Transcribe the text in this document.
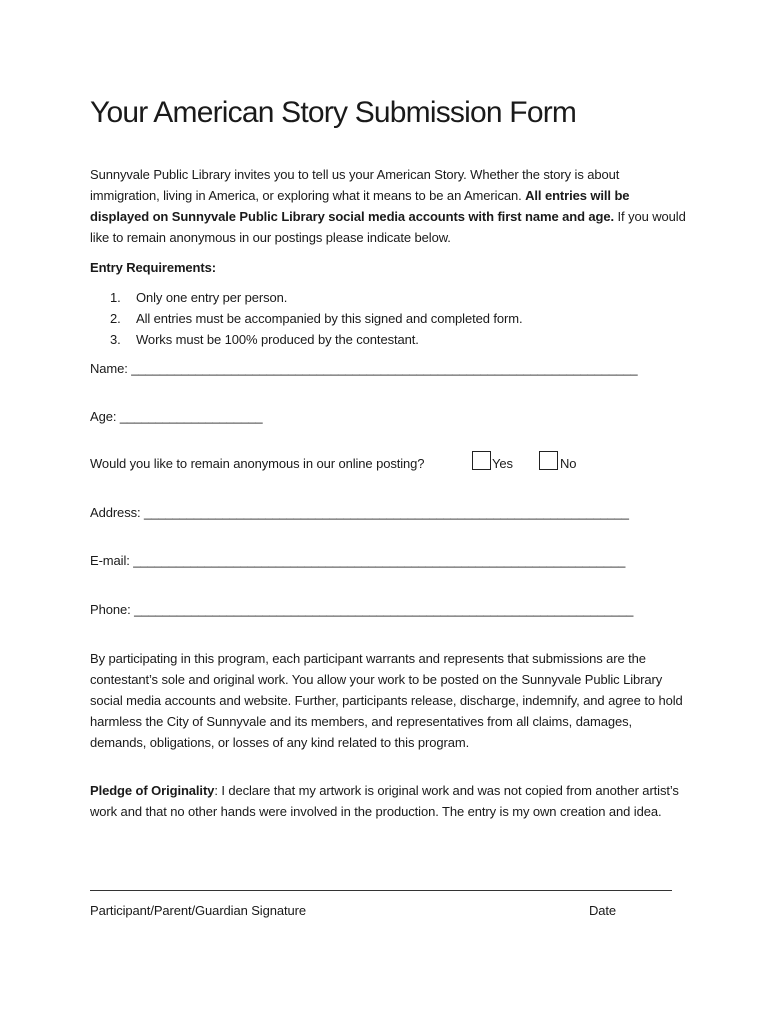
Your American Story Submission Form

Sunnyvale Public Library invites you to tell us your American Story. Whether the story is about immigration, living in America, or exploring what it means to be an American. All entries will be displayed on Sunnyvale Public Library social media accounts with first name and age. If you would like to remain anonymous in our postings please indicate below.

Entry Requirements:

1.	Only one entry per person.
2.	All entries must be accompanied by this signed and completed form.
3.	Works must be 100% produced by the contestant.

Name: _______________________________________________________________________

Age: ____________________

Would you like to remain anonymous in our online posting?	Yes	No

Address: ____________________________________________________________________

E-mail: _____________________________________________________________________

Phone: ______________________________________________________________________

By participating in this program, each participant warrants and represents that submissions are the contestant’s sole and original work. You allow your work to be posted on the Sunnyvale Public Library social media accounts and website. Further, participants release, discharge, indemnify, and agree to hold harmless the City of Sunnyvale and its members, and representatives from all claims, damages, demands, obligations, or losses of any kind related to this program.

Pledge of Originality: I declare that my artwork is original work and was not copied from another artist’s work and that no other hands were involved in the production. The entry is my own creation and idea.

Participant/Parent/Guardian Signature	Date
